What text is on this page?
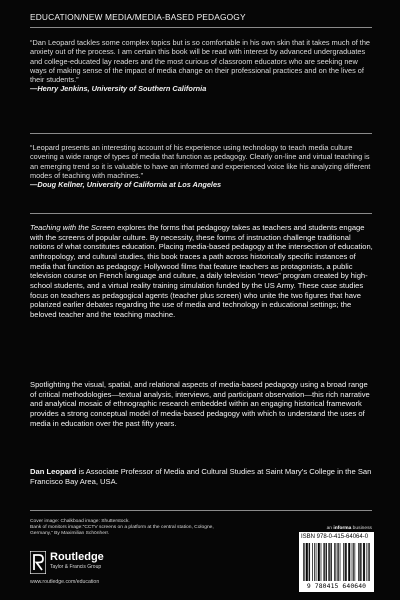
EDUCATION/NEW MEDIA/MEDIA-BASED PEDAGOGY
“Dan Leopard tackles some complex topics but is so comfortable in his own skin that it takes much of the anxiety out of the process. I am certain this book will be read with interest by advanced undergraduates and college-educated lay readers and the most curious of classroom educators who are seeking new ways of making sense of the impact of media change on their professional practices and on the lives of their students.”
—Henry Jenkins, University of Southern California
“Leopard presents an interesting account of his experience using technology to teach media culture covering a wide range of types of media that function as pedagogy. Clearly on-line and virtual teaching is an emerging trend so it is valuable to have an informed and experienced voice like his analyzing different modes of teaching with machines.”
—Doug Kellner, University of California at Los Angeles
Teaching with the Screen explores the forms that pedagogy takes as teachers and students engage with the screens of popular culture. By necessity, these forms of instruction challenge traditional notions of what constitutes education. Placing media-based pedagogy at the intersection of education, anthropology, and cultural studies, this book traces a path across historically specific instances of media that function as pedagogy: Hollywood films that feature teachers as protagonists, a public television course on French language and culture, a daily television “news” program created by high-school students, and a virtual reality training simulation funded by the US Army. These case studies focus on teachers as pedagogical agents (teacher plus screen) who unite the two figures that have polarized earlier debates regarding the use of media and technology in educational settings; the beloved teacher and the teaching machine.
Spotlighting the visual, spatial, and relational aspects of media-based pedagogy using a broad range of critical methodologies—textual analysis, interviews, and participant observation—this rich narrative and analytical mosaic of ethnographic research embedded within an engaging historical framework provides a strong conceptual model of media-based pedagogy with which to understand the uses of media in education over the past fifty years.
Dan Leopard is Associate Professor of Media and Cultural Studies at Saint Mary’s College in the San Francisco Bay Area, USA.
Cover image: Chalkboad image: Shutterstock.
Bank of monitors image:“CCTV screens on a platform at the central station, Cologne, Germany,” By Maximilian Schönherr.
Routledge
Taylor & Francis Group
www.routledge.com/education
an informa business
ISBN 978-0-415-64064-0
9 780415 640640
